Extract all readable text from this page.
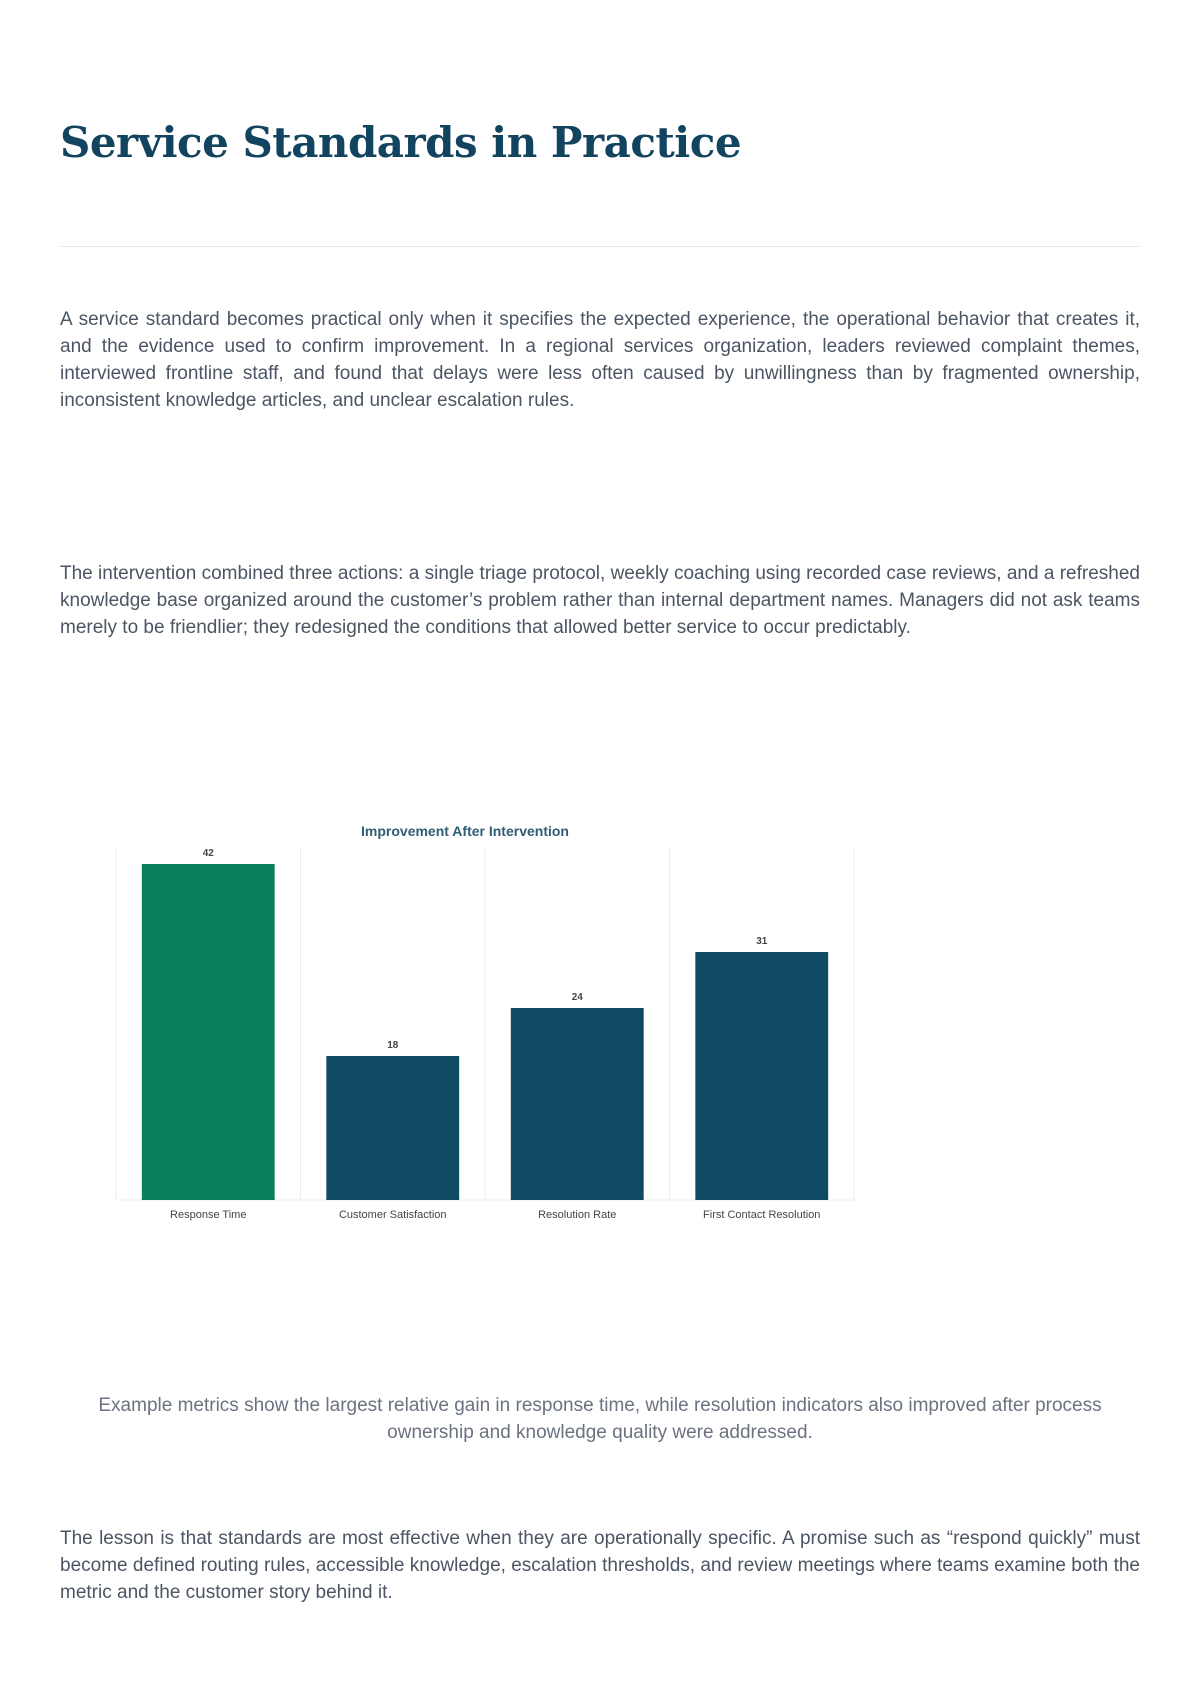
Service Standards in Practice

A service standard becomes practical only when it specifies the expected experience, the operational behavior that creates it, and the evidence used to confirm improvement. In a regional services organization, leaders reviewed complaint themes, interviewed frontline staff, and found that delays were less often caused by unwillingness than by fragmented ownership, inconsistent knowledge articles, and unclear escalation rules.

The intervention combined three actions: a single triage protocol, weekly coaching using recorded case reviews, and a refreshed knowledge base organized around the customer’s problem rather than internal department names. Managers did not ask teams merely to be friendlier; they redesigned the conditions that allowed better service to occur predictably.

Improvement After Intervention
42
Response Time
18
Customer Satisfaction
24
Resolution Rate
31
First Contact Resolution

Example metrics show the largest relative gain in response time, while resolution indicators also improved after process ownership and knowledge quality were addressed.

The lesson is that standards are most effective when they are operationally specific. A promise such as “respond quickly” must become defined routing rules, accessible knowledge, escalation thresholds, and review meetings where teams examine both the metric and the customer story behind it.
